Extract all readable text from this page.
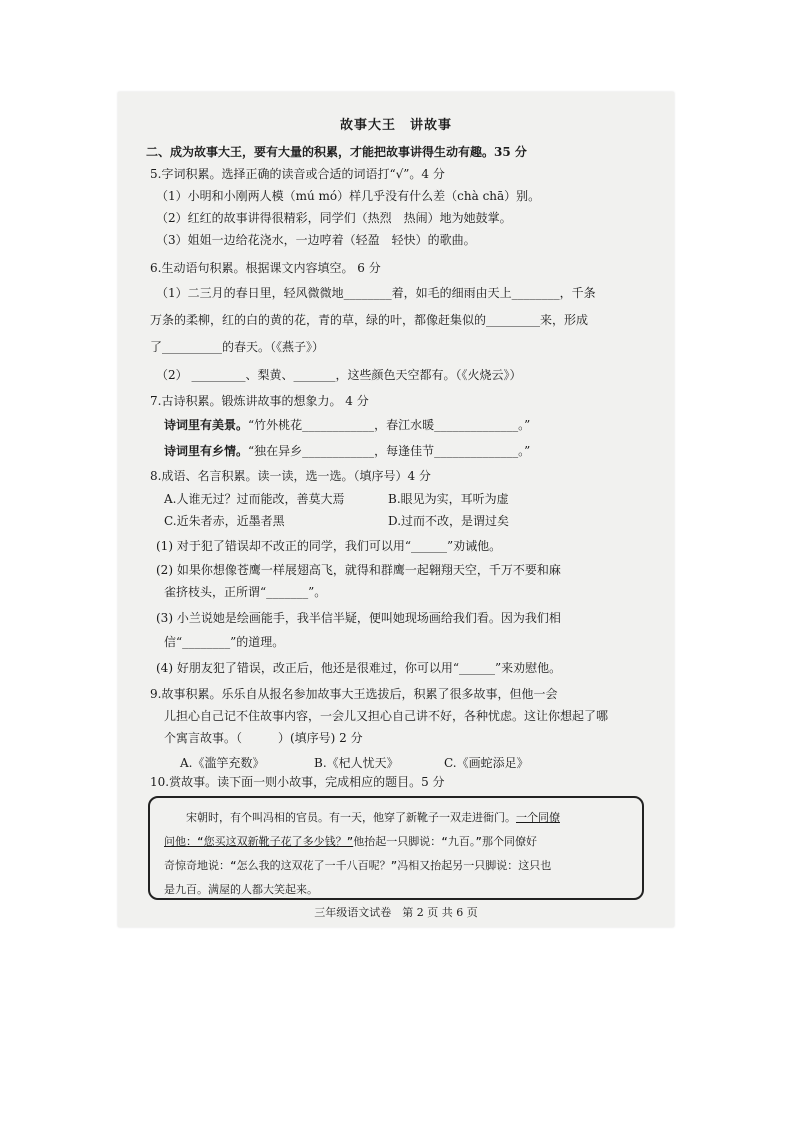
故事大王 讲故事
二、成为故事大王，要有大量的积累，才能把故事讲得生动有趣。35 分
5.字词积累。选择正确的读音或合适的词语打“√”。4 分
（1）小明和小刚两人模（mú mó）样几乎没有什么差（chà chā）别。
（2）红红的故事讲得很精彩，同学们（热烈　热闹）地为她鼓掌。
（3）姐姐一边给花浇水，一边哼着（轻盈　轻快）的歌曲。
6.生动语句积累。根据课文内容填空。 6 分
（1）二三月的春日里，轻风微微地________着，如毛的细雨由天上________，千条
万条的柔柳，红的白的黄的花，青的草，绿的叶，都像赶集似的_________来，形成
了__________的春天。（《燕子》）
（2） _________、梨黄、_______，这些颜色天空都有。（《火烧云》）
7.古诗积累。锻炼讲故事的想象力。 4 分
诗词里有美景。“竹外桃花____________，春江水暖______________。”
诗词里有乡情。“独在异乡____________，每逢佳节______________。”
8.成语、名言积累。读一读，选一选。（填序号）4 分
A.人谁无过？过而能改，善莫大焉	B.眼见为实，耳听为虚
C.近朱者赤，近墨者黑	D.过而不改，是谓过矣
(1) 对于犯了错误却不改正的同学，我们可以用“______”劝诫他。
(2) 如果你想像苍鹰一样展翅高飞，就得和群鹰一起翱翔天空，千万不要和麻
雀挤枝头，正所谓“_______”。
(3) 小兰说她是绘画能手，我半信半疑，便叫她现场画给我们看。因为我们相
信“________”的道理。
(4) 好朋友犯了错误，改正后，他还是很难过，你可以用“______”来劝慰他。
9.故事积累。乐乐自从报名参加故事大王选拔后，积累了很多故事，但他一会
儿担心自己记不住故事内容，一会儿又担心自己讲不好，各种忧虑。这让你想起了哪
个寓言故事。（　　　）(填序号) 2 分
A.《滥竽充数》	B.《杞人忧天》	C.《画蛇添足》
10.赏故事。读下面一则小故事，完成相应的题目。5 分
　　宋朝时，有个叫冯相的官员。有一天，他穿了新靴子一双走进衙门。一个同僚
问他：“您买这双新靴子花了多少钱？”他抬起一只脚说：“九百。”那个同僚好
奇惊奇地说：“怎么我的这双花了一千八百呢？”冯相又抬起另一只脚说：这只也
是九百。满屋的人都大笑起来。
三年级语文试卷　第 2 页 共 6 页
